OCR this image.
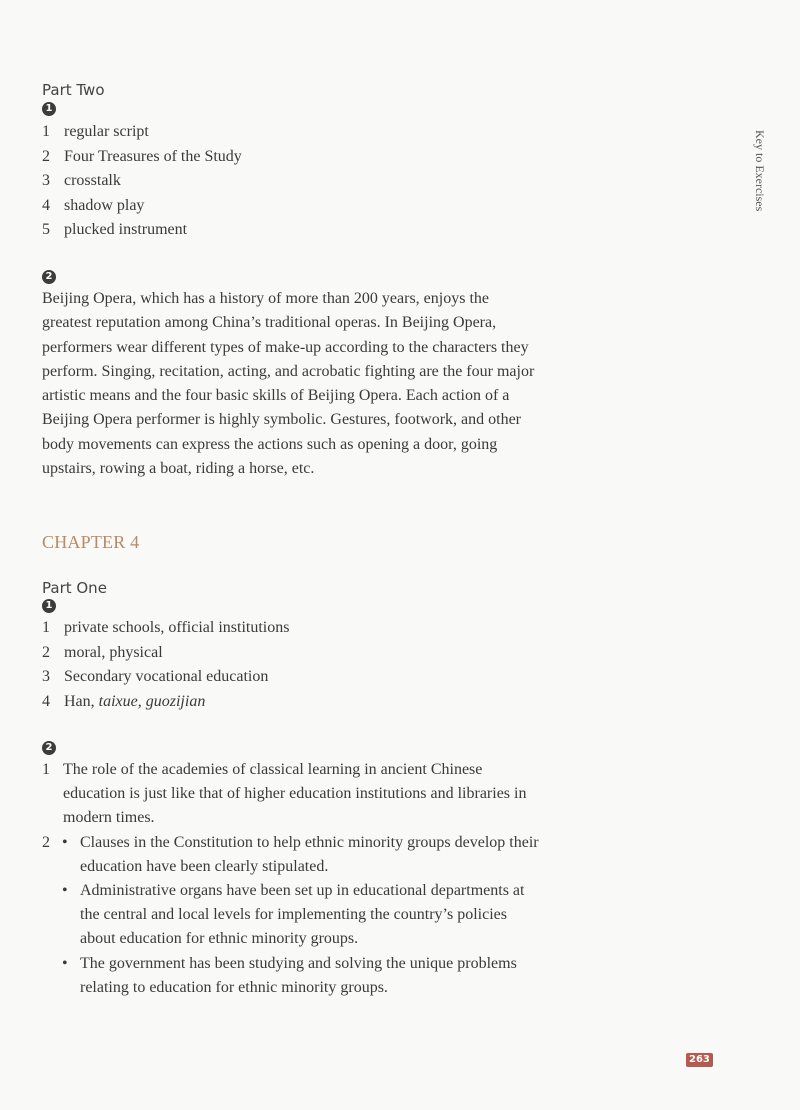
Key to Exercises
Part Two
1
1 regular script
2 Four Treasures of the Study
3 crosstalk
4 shadow play
5 plucked instrument
2

Beijing Opera, which has a history of more than 200 years, enjoys the greatest reputation among China’s traditional operas. In Beijing Opera, performers wear different types of make-up according to the characters they perform. Singing, recitation, acting, and acrobatic fighting are the four major artistic means and the four basic skills of Beijing Opera. Each action of a Beijing Opera performer is highly symbolic. Gestures, footwork, and other body movements can express the actions such as opening a door, going upstairs, rowing a boat, riding a horse, etc.

CHAPTER 4
Part One
1
1 private schools, official institutions
2 moral, physical
3 Secondary vocational education
4 Han, taixue, guozijian
2
1 The role of the academies of classical learning in ancient Chinese education is just like that of higher education institutions and libraries in modern times.
2 • Clauses in the Constitution to help ethnic minority groups develop their education have been clearly stipulated.
• Administrative organs have been set up in educational departments at the central and local levels for implementing the country’s policies about education for ethnic minority groups.
• The government has been studying and solving the unique problems relating to education for ethnic minority groups.
263
